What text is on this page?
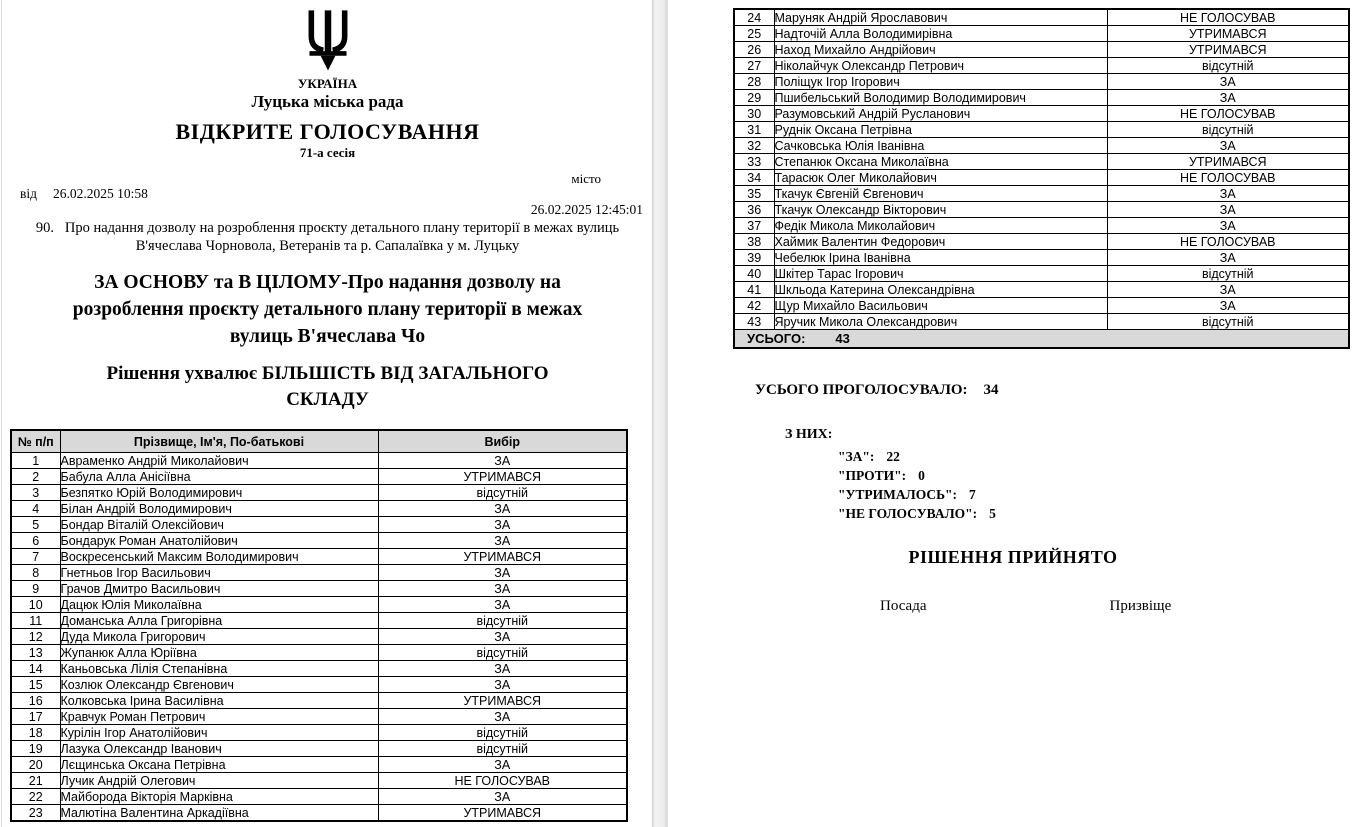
УКРАЇНА
Луцька міська рада
ВІДКРИТЕ ГОЛОСУВАННЯ
71-а сесія
місто
від 26.02.2025 10:58
26.02.2025 12:45:01
90. Про надання дозволу на розроблення проєкту детального плану території в межах вулиць
В'ячеслава Чорновола, Ветеранів та р. Сапалаївка у м. Луцьку
ЗА ОСНОВУ та В ЦІЛОМУ-Про надання дозволу на
розроблення проєкту детального плану території в межах
вулиць В'ячеслава Чо
Рішення ухвалює БІЛЬШІСТЬ ВІД ЗАГАЛЬНОГО
СКЛАДУ
№ п/п	Прізвище, Ім'я, По-батькові	Вибір
1	Авраменко Андрій Миколайович	ЗА
2	Бабула Алла Анісіївна	УТРИМАВСЯ
3	Безпятко Юрій Володимирович	відсутній
4	Білан Андрій Володимирович	ЗА
5	Бондар Віталій Олексійович	ЗА
6	Бондарук Роман Анатолійович	ЗА
7	Воскресенський Максим Володимирович	УТРИМАВСЯ
8	Гнетньов Ігор Васильович	ЗА
9	Грачов Дмитро Васильович	ЗА
10	Дацюк Юлія Миколаївна	ЗА
11	Доманська Алла Григорівна	відсутній
12	Дуда Микола Григорович	ЗА
13	Жупанюк Алла Юріївна	відсутній
14	Каньовська Лілія Степанівна	ЗА
15	Козлюк Олександр Євгенович	ЗА
16	Колковська Ірина Василівна	УТРИМАВСЯ
17	Кравчук Роман Петрович	ЗА
18	Курілін Ігор Анатолійович	відсутній
19	Лазука Олександр Іванович	відсутній
20	Лєщинська Оксана Петрівна	ЗА
21	Лучик Андрій Олегович	НЕ ГОЛОСУВАВ
22	Майборода Вікторія Марківна	ЗА
23	Малютіна Валентина Аркадіївна	УТРИМАВСЯ
24	Маруняк Андрій Ярославович	НЕ ГОЛОСУВАВ
25	Надточій Алла Володимирівна	УТРИМАВСЯ
26	Наход Михайло Андрійович	УТРИМАВСЯ
27	Ніколайчук Олександр Петрович	відсутній
28	Поліщук Ігор Ігорович	ЗА
29	Пшибельський Володимир Володимирович	ЗА
30	Разумовський Андрій Русланович	НЕ ГОЛОСУВАВ
31	Руднік Оксана Петрівна	відсутній
32	Сачковська Юлія Іванівна	ЗА
33	Степанюк Оксана Миколаївна	УТРИМАВСЯ
34	Тарасюк Олег Миколайович	НЕ ГОЛОСУВАВ
35	Ткачук Євгеній Євгенович	ЗА
36	Ткачук Олександр Вікторович	ЗА
37	Федік Микола Миколайович	ЗА
38	Хаймик Валентин Федорович	НЕ ГОЛОСУВАВ
39	Чебелюк Ірина Іванівна	ЗА
40	Шкітер Тарас Ігорович	відсутній
41	Шкльода Катерина Олександрівна	ЗА
42	Щур Михайло Васильович	ЗА
43	Яручик Микола Олександрович	відсутній
УСЬОГО: 43		
УСЬОГО ПРОГОЛОСУВАЛО: 34
З НИХ:
"ЗА": 22
"ПРОТИ": 0
"УТРИМАЛОСЬ": 7
"НЕ ГОЛОСУВАЛО": 5
РІШЕННЯ ПРИЙНЯТО
Посада	Призвіще
